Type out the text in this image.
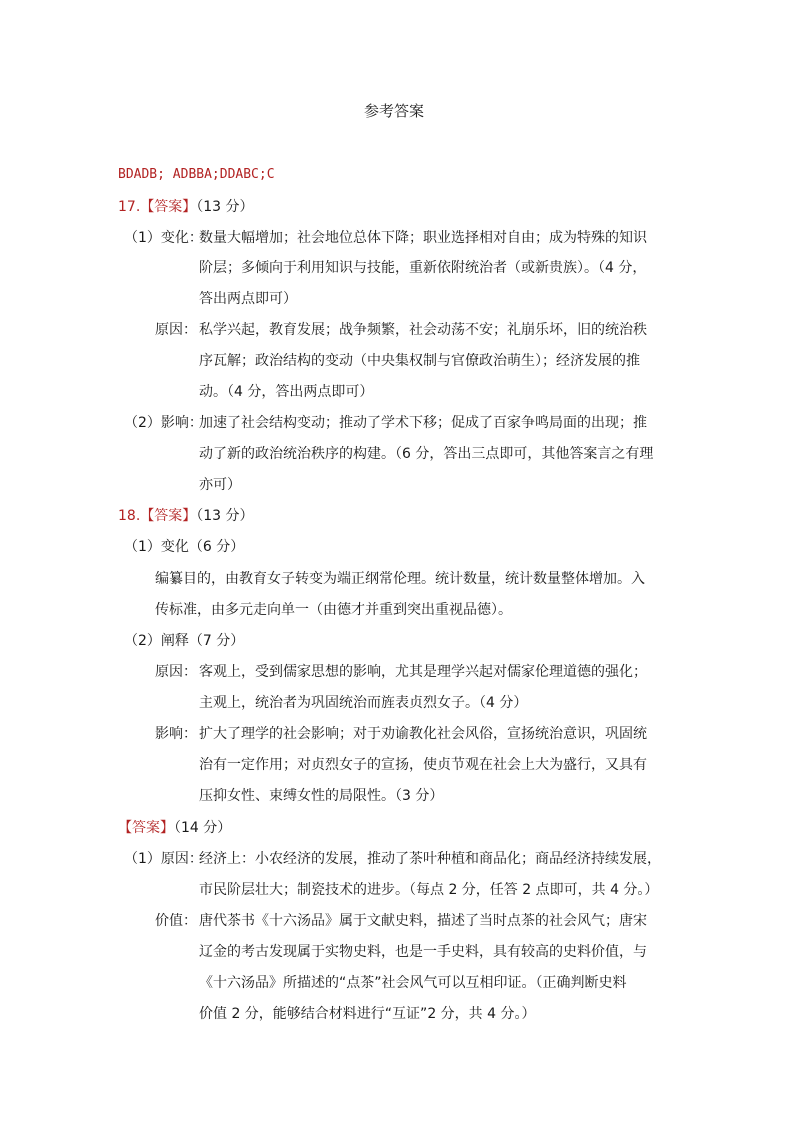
参考答案
BDADB; ADBBA;DDABC;C
17.【答案】（13 分）
（1）变化：
数量大幅增加；社会地位总体下降；职业选择相对自由；成为特殊的知识
阶层；多倾向于利用知识与技能，重新依附统治者（或新贵族）。（4 分，
答出两点即可）
原因： 私学兴起，教育发展；战争频繁，社会动荡不安；礼崩乐坏，旧的统治秩
序瓦解；政治结构的变动（中央集权制与官僚政治萌生）；经济发展的推
动。（4 分，答出两点即可）
（2）影响：
加速了社会结构变动；推动了学术下移；促成了百家争鸣局面的出现；推
动了新的政治统治秩序的构建。（6 分，答出三点即可，其他答案言之有理
亦可）
18.【答案】（13 分）
（1）变化（6 分）
编纂目的，由教育女子转变为端正纲常伦理。统计数量，统计数量整体增加。入
传标准，由多元走向单一（由德才并重到突出重视品德）。
（2）阐释（7 分）
原因： 客观上，受到儒家思想的影响，尤其是理学兴起对儒家伦理道德的强化；
主观上，统治者为巩固统治而旌表贞烈女子。（4 分）
影响： 扩大了理学的社会影响；对于劝谕教化社会风俗，宣扬统治意识，巩固统
治有一定作用；对贞烈女子的宣扬，使贞节观在社会上大为盛行，又具有
压抑女性、束缚女性的局限性。（3 分）
【答案】（14 分）
（1）原因：
经济上：小农经济的发展，推动了茶叶种植和商品化；商品经济持续发展，
市民阶层壮大；制瓷技术的进步。（每点 2 分，任答 2 点即可，共 4 分。）
价值： 唐代茶书《十六汤品》属于文献史料，描述了当时点茶的社会风气；唐宋
辽金的考古发现属于实物史料，也是一手史料，具有较高的史料价值，与
《十六汤品》所描述的“点茶”社会风气可以互相印证。（正确判断史料
价值 2 分，能够结合材料进行“互证”2 分，共 4 分。）
